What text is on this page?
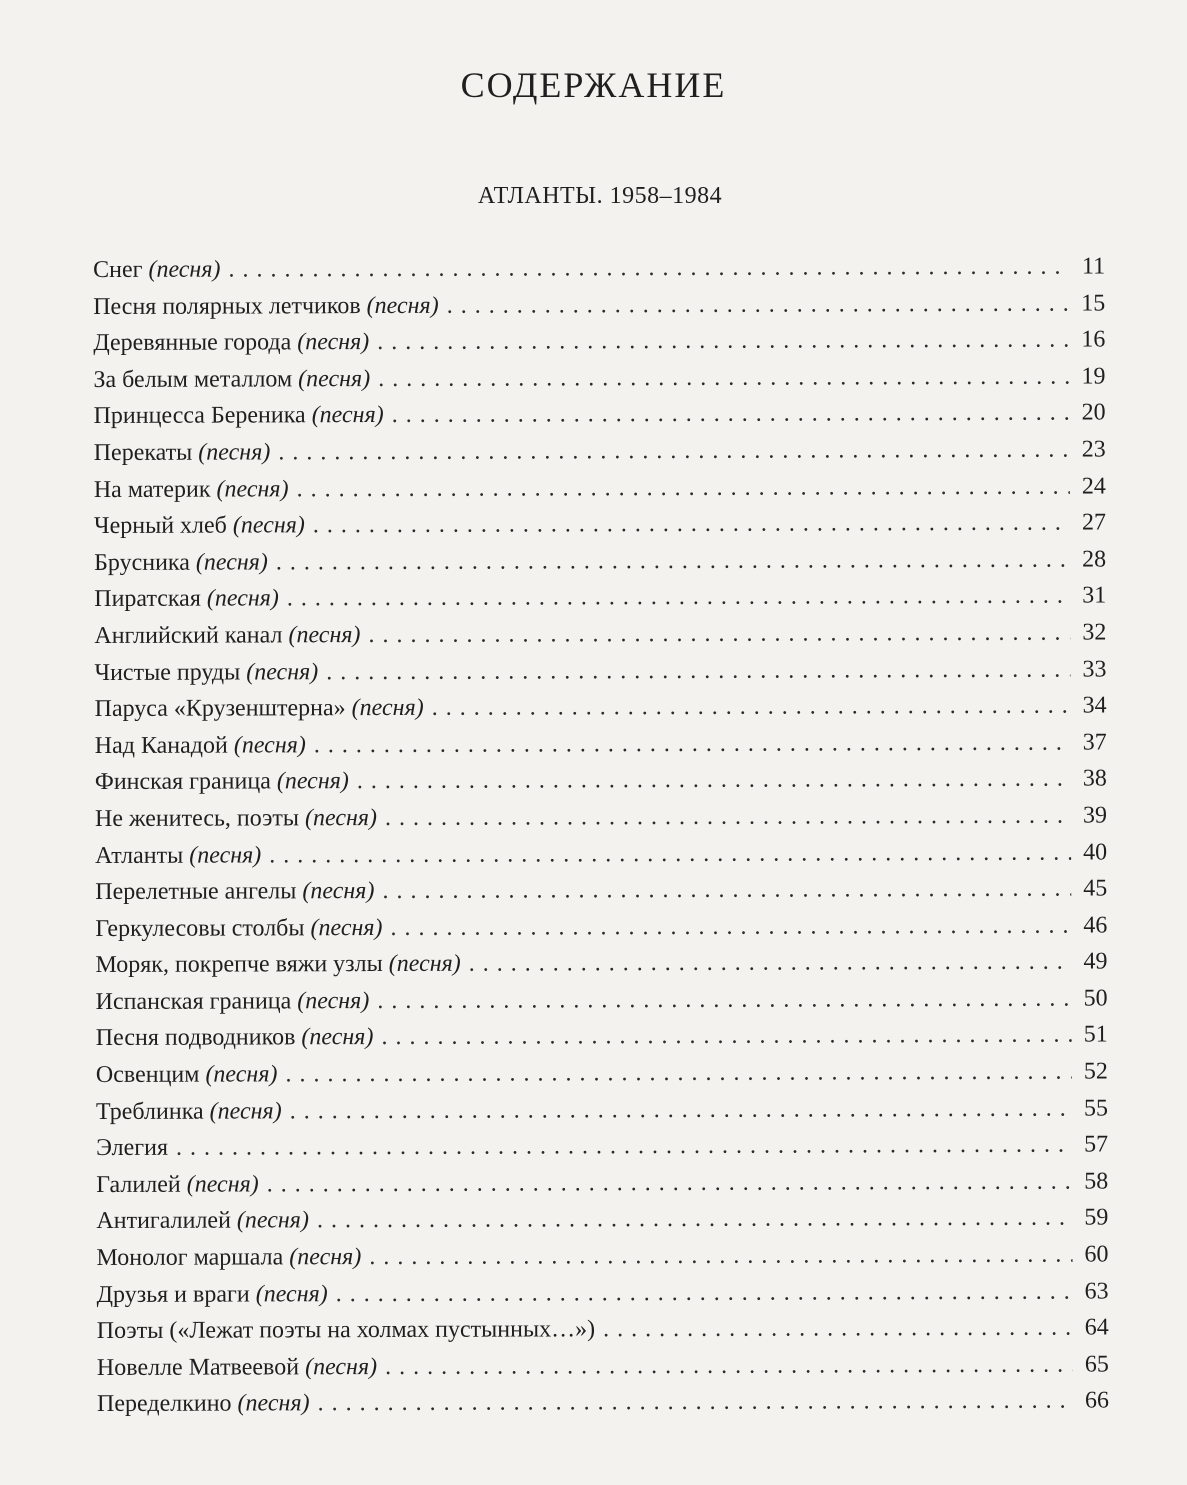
СОДЕРЖАНИЕ
АТЛАНТЫ. 1958–1984
Снег (песня) . . .	11
Песня полярных летчиков (песня) . . .	15
Деревянные города (песня) . . .	16
За белым металлом (песня) . . .	19
Принцесса Береника (песня) . . .	20
Перекаты (песня) . . .	23
На материк (песня) . . .	24
Черный хлеб (песня) . . .	27
Брусника (песня) . . .	28
Пиратская (песня) . . .	31
Английский канал (песня) . . .	32
Чистые пруды (песня) . . .	33
Паруса «Крузенштерна» (песня) . . .	34
Над Канадой (песня) . . .	37
Финская граница (песня) . . .	38
Не женитесь, поэты (песня) . . .	39
Атланты (песня) . . .	40
Перелетные ангелы (песня) . . .	45
Геркулесовы столбы (песня) . . .	46
Моряк, покрепче вяжи узлы (песня) . . .	49
Испанская граница (песня) . . .	50
Песня подводников (песня) . . .	51
Освенцим (песня) . . .	52
Треблинка (песня) . . .	55
Элегия . . .	57
Галилей (песня) . . .	58
Антигалилей (песня) . . .	59
Монолог маршала (песня) . . .	60
Друзья и враги (песня) . . .	63
Поэты («Лежат поэты на холмах пустынных…») . . .	64
Новелле Матвеевой (песня) . . .	65
Переделкино (песня) . . .	66
